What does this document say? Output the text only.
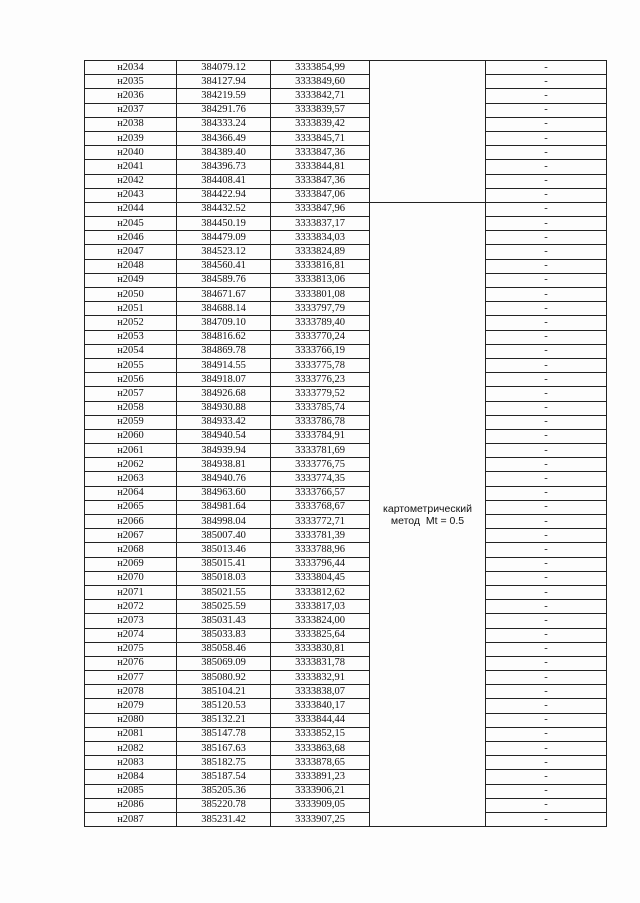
н2034	384079.12	3333854,99		-
н2035	384127.94	3333849,60		-
н2036	384219.59	3333842,71		-
н2037	384291.76	3333839,57		-
н2038	384333.24	3333839,42		-
н2039	384366.49	3333845,71		-
н2040	384389.40	3333847,36		-
н2041	384396.73	3333844,81		-
н2042	384408.41	3333847,36		-
н2043	384422.94	3333847,06		-
н2044	384432.52	3333847,96	картометрический
метод  Mt = 0.5	-
н2045	384450.19	3333837,17		-
н2046	384479.09	3333834,03		-
н2047	384523.12	3333824,89		-
н2048	384560.41	3333816,81		-
н2049	384589.76	3333813,06		-
н2050	384671.67	3333801,08		-
н2051	384688.14	3333797,79		-
н2052	384709.10	3333789,40		-
н2053	384816.62	3333770,24		-
н2054	384869.78	3333766,19		-
н2055	384914.55	3333775,78		-
н2056	384918.07	3333776,23		-
н2057	384926.68	3333779,52		-
н2058	384930.88	3333785,74		-
н2059	384933.42	3333786,78		-
н2060	384940.54	3333784,91		-
н2061	384939.94	3333781,69		-
н2062	384938.81	3333776,75		-
н2063	384940.76	3333774,35		-
н2064	384963.60	3333766,57		-
н2065	384981.64	3333768,67		-
н2066	384998.04	3333772,71		-
н2067	385007.40	3333781,39		-
н2068	385013.46	3333788,96		-
н2069	385015.41	3333796,44		-
н2070	385018.03	3333804,45		-
н2071	385021.55	3333812,62		-
н2072	385025.59	3333817,03		-
н2073	385031.43	3333824,00		-
н2074	385033.83	3333825,64		-
н2075	385058.46	3333830,81		-
н2076	385069.09	3333831,78		-
н2077	385080.92	3333832,91		-
н2078	385104.21	3333838,07		-
н2079	385120.53	3333840,17		-
н2080	385132.21	3333844,44		-
н2081	385147.78	3333852,15		-
н2082	385167.63	3333863,68		-
н2083	385182.75	3333878,65		-
н2084	385187.54	3333891,23		-
н2085	385205.36	3333906,21		-
н2086	385220.78	3333909,05		-
н2087	385231.42	3333907,25		-
